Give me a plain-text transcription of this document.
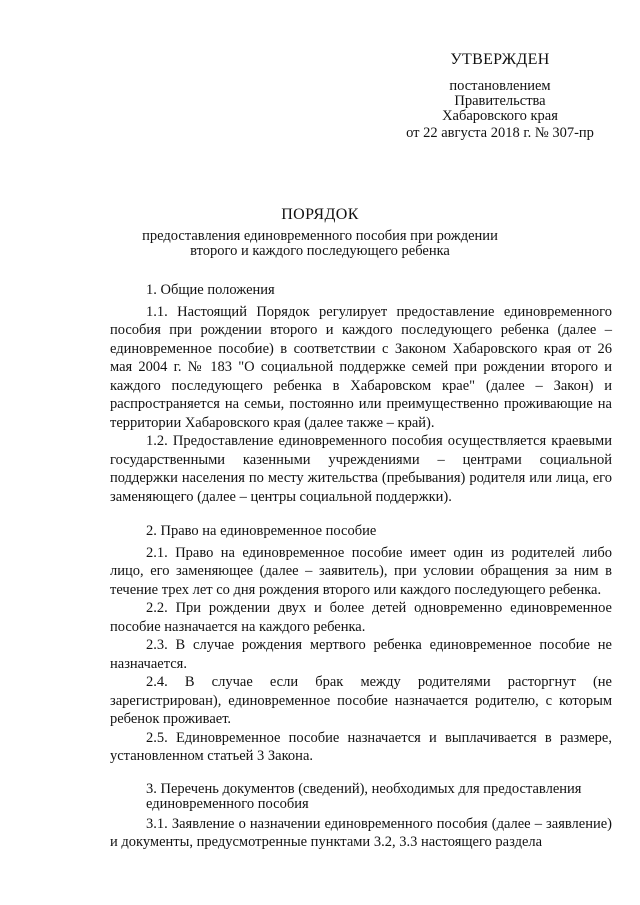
УТВЕРЖДЕН
постановлением
Правительства
Хабаровского края
от 22 августа 2018 г. № 307-пр
ПОРЯДОК
предоставления единовременного пособия при рождении второго и каждого последующего ребенка
1. Общие положения

1.1. Настоящий Порядок регулирует предоставление единовременного пособия при рождении второго и каждого последующего ребенка (далее – единовременное пособие) в соответствии с Законом Хабаровского края от 26 мая 2004 г. № 183 "О социальной поддержке семей при рождении второго и каждого последующего ребенка в Хабаровском крае" (далее – Закон) и распространяется на семьи, постоянно или преимущественно проживающие на территории Хабаровского края (далее также – край).

1.2. Предоставление единовременного пособия осуществляется краевыми государственными казенными учреждениями – центрами социальной поддержки населения по месту жительства (пребывания) родителя или лица, его заменяющего (далее – центры социальной поддержки).

2. Право на единовременное пособие

2.1. Право на единовременное пособие имеет один из родителей либо лицо, его заменяющее (далее – заявитель), при условии обращения за ним в течение трех лет со дня рождения второго или каждого последующего ребенка.

2.2. При рождении двух и более детей одновременно единовременное пособие назначается на каждого ребенка.

2.3. В случае рождения мертвого ребенка единовременное пособие не назначается.

2.4. В случае если брак между родителями расторгнут (не зарегистрирован), единовременное пособие назначается родителю, с которым ребенок проживает.

2.5. Единовременное пособие назначается и выплачивается в размере, установленном статьей 3 Закона.

3. Перечень документов (сведений), необходимых для предоставления единовременного пособия

3.1. Заявление о назначении единовременного пособия (далее – заявление) и документы, предусмотренные пунктами 3.2, 3.3 настоящего раздела
